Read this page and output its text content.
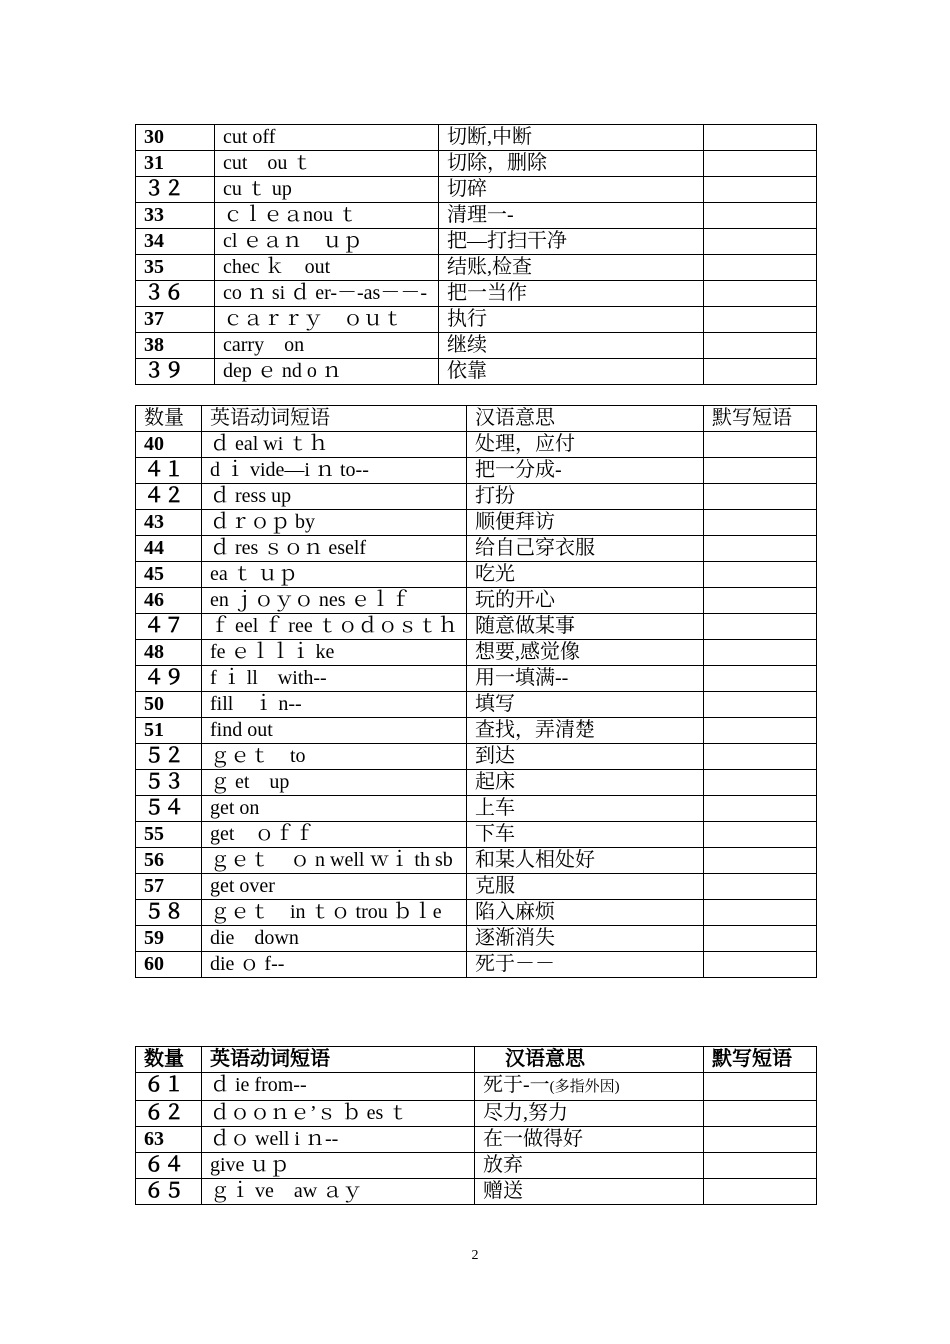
30	cut off	切断,中断	
31	cut　ou ｔ	切除，删除	
３２	cu ｔ up	切碎	
33	ｃｌｅａnou ｔ	清理一-	
34	cl ｅａｎ　ｕｐ	把—打扫干净	
35	chec ｋ　out	结账,检查	
３６	co ｎ si ｄ er-－-as－－-	把一当作	
37	ｃａｒｒｙ　ｏｕｔ	执行	
38	carry　on	继续	
３９	dep ｅ nd o ｎ	依靠	
数量	英语动词短语	汉语意思	默写短语
40	ｄ eal wi ｔｈ	处理，应付	
４１	d ｉ vide—i ｎ to--	把一分成-	
４２	ｄ ress up	打扮	
43	ｄｒｏｐ by	顺便拜访	
44	ｄ res ｓｏｎ eself	给自己穿衣服	
45	ea ｔ ｕｐ	吃光	
46	en ｊｏｙｏ nes ｅｌｆ	玩的开心	
４７	ｆ eel ｆ ree ｔｏｄｏｓｔｈ	随意做某事	
48	fe ｅｌｌｉ ke	想要,感觉像	
４９	f ｉ ll　with--	用一填满--	
50	fill　ｉ n--	填写	
51	find out	查找，弄清楚	
５２	ｇｅｔ　to	到达	
５３	ｇ et　up	起床	
５４	get on	上车	
55	get　ｏｆｆ	下车	
56	ｇｅｔ　ｏ n well ｗｉ th sb	和某人相处好	
57	get over	克服	
５８	ｇｅｔ　in ｔｏ trou ｂｌe	陷入麻烦	
59	die　down	逐渐消失	
60	die ｏ f--	死于－－	
数量	英语动词短语	汉语意思	默写短语
６１	ｄ ie from--	死于-一(多指外因)	
６２	ｄｏｏｎｅ’ｓ ｂ es ｔ	尽力,努力	
63	ｄｏ well i ｎ--	在一做得好	
６４	give ｕｐ	放弃	
６５	ｇｉ ve　aw ａｙ	赠送	
2
